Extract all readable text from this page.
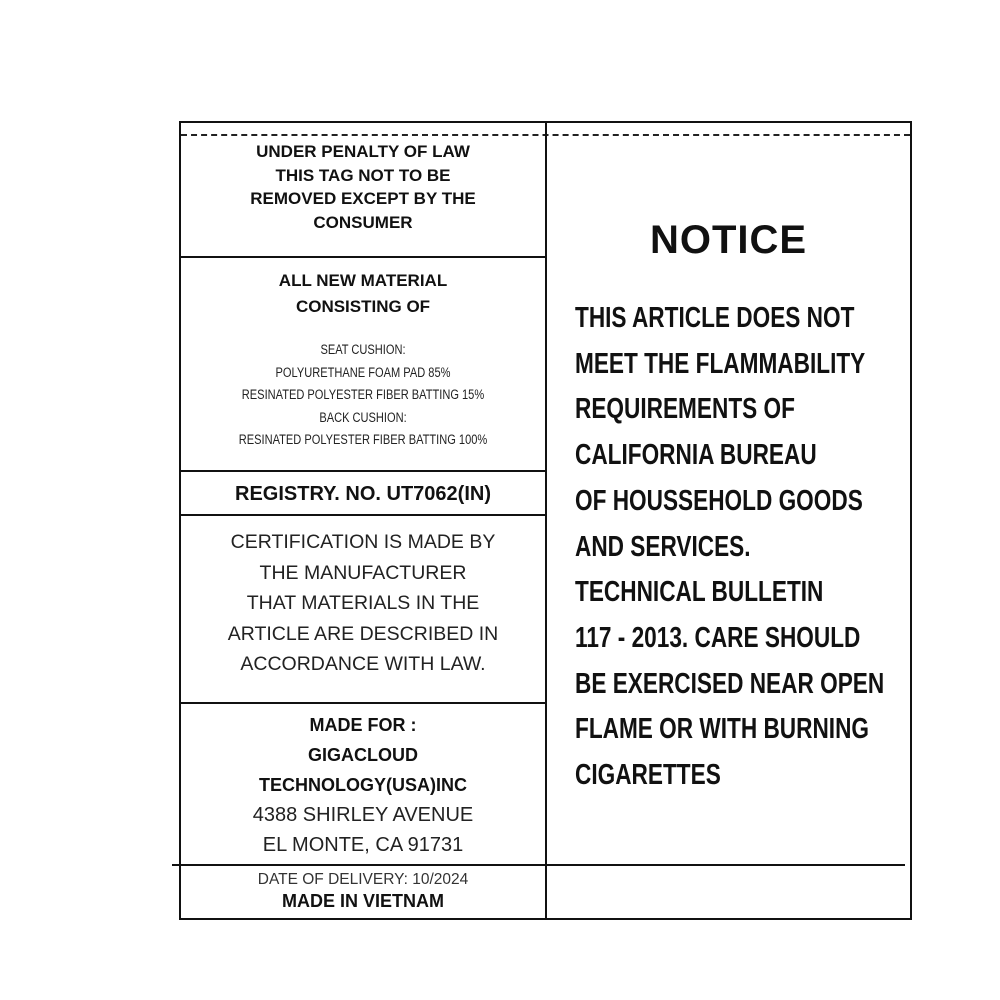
UNDER PENALTY OF LAW
THIS TAG NOT TO BE
REMOVED EXCEPT BY THE
CONSUMER
ALL NEW MATERIAL
CONSISTING OF
SEAT CUSHION:
POLYURETHANE FOAM PAD 85%
RESINATED POLYESTER FIBER BATTING 15%
BACK CUSHION:
RESINATED POLYESTER FIBER BATTING 100%
REGISTRY. NO. UT7062(IN)
CERTIFICATION IS MADE BY
THE MANUFACTURER
THAT MATERIALS IN THE
ARTICLE ARE DESCRIBED IN
ACCORDANCE WITH LAW.
MADE FOR :
GIGACLOUD
TECHNOLOGY(USA)INC
4388 SHIRLEY AVENUE
EL MONTE, CA 91731
DATE OF DELIVERY: 10/2024
MADE IN VIETNAM
NOTICE
THIS ARTICLE DOES NOT
MEET THE FLAMMABILITY
REQUIREMENTS OF
CALIFORNIA BUREAU
OF HOUSSEHOLD GOODS
AND SERVICES.
TECHNICAL BULLETIN
117 - 2013. CARE SHOULD
BE EXERCISED NEAR OPEN
FLAME OR WITH BURNING
CIGARETTES
